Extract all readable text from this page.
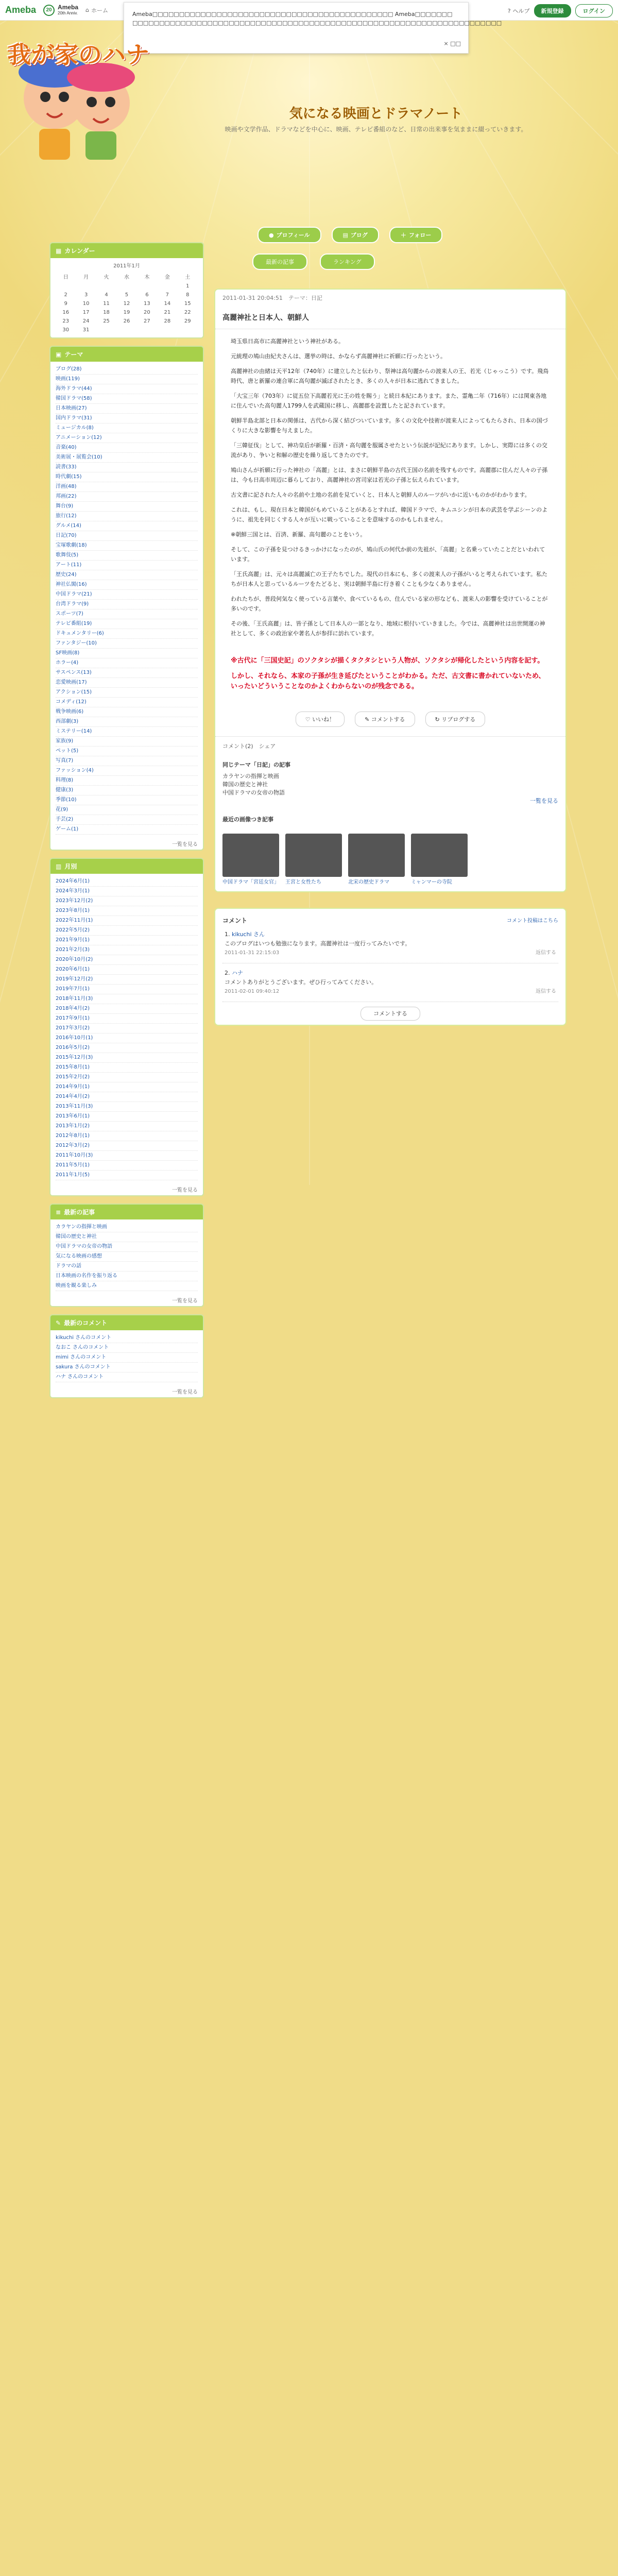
Ameba	20 Ameba
20th Anniv. ⌂ ホーム	? ヘルプ	新規登録	ログイン
Ameba□□□□□□□□□□□□□□□□□□□□□□□□□□□□□□□□□□□□□□□□□□□□□ Ameba□□□□□□□ □□□□□□□□□□□□□□□□□□□□□□□□□□□□□□□□□□□□□□□□□□□□□□□□□□□□□□□□□□□□□□□□□□□□□
× □□
我が家のハナ
気になる映画とドラマノート
映画や文学作品、ドラマなどを中心に、映画、テレビ番組のなど、日常の出来事を気ままに綴っていきます。
● プロフィール	▤ ブログ	＋ フォロー
最新の記事	ランキング
▦ カレンダー
2011年1月
日	月	火	水	木	金	土
						1
2	3	4	5	6	7	8
9	10	11	12	13	14	15
16	17	18	19	20	21	22
23	24	25	26	27	28	29
30	31					
▣ テーマ
ブログ(28)
映画(119)
海外ドラマ(44)
韓国ドラマ(58)
日本映画(27)
国内ドラマ(31)
ミュージカル(8)
アニメーション(12)
音楽(40)
美術展・展覧会(10)
読書(33)
時代劇(15)
洋画(48)
邦画(22)
舞台(9)
旅行(12)
グルメ(14)
日記(70)
宝塚歌劇(18)
歌舞伎(5)
アート(11)
歴史(24)
神社仏閣(16)
中国ドラマ(21)
台湾ドラマ(9)
スポーツ(7)
テレビ番組(19)
ドキュメンタリー(6)
ファンタジー(10)
SF映画(8)
ホラー(4)
サスペンス(13)
恋愛映画(17)
アクション(15)
コメディ(12)
戦争映画(6)
西部劇(3)
ミステリー(14)
家族(9)
ペット(5)
写真(7)
ファッション(4)
料理(8)
健康(3)
季節(10)
花(9)
手芸(2)
ゲーム(1)
一覧を見る
▥ 月別
2024年6月(1)
2024年3月(1)
2023年12月(2)
2023年8月(1)
2022年11月(1)
2022年5月(2)
2021年9月(1)
2021年2月(3)
2020年10月(2)
2020年6月(1)
2019年12月(2)
2019年7月(1)
2018年11月(3)
2018年4月(2)
2017年9月(1)
2017年3月(2)
2016年10月(1)
2016年5月(2)
2015年12月(3)
2015年8月(1)
2015年2月(2)
2014年9月(1)
2014年4月(2)
2013年11月(3)
2013年6月(1)
2013年1月(2)
2012年8月(1)
2012年3月(2)
2011年10月(3)
2011年5月(1)
2011年1月(5)
一覧を見る
≡ 最新の記事
カラヤンの指揮と映画
韓国の歴史と神社
中国ドラマの女帝の物語
気になる映画の感想
ドラマの話
日本映画の名作を振り返る
映画を観る楽しみ
一覧を見る
✎ 最新のコメント
kikuchi さんのコメント
なおこ さんのコメント
mimi さんのコメント
sakura さんのコメント
ハナ さんのコメント
一覧を見る
2011-01-31 20:04:51　 テーマ：日記
高麗神社と日本人、朝鮮人

埼玉県日高市に高麗神社という神社がある。

元統理の鳩山由紀夫さんは、選挙の時は、かならず高麗神社に祈願に行ったという。

高麗神社の由緒は天平12年（740年）に建立したと伝わり、祭神は高句麗からの渡来人の王、若光（じゃっこう）です。飛鳥時代、唐と新羅の連合軍に高句麗が滅ぼされたとき、多くの人々が日本に逃れてきました。

「大宝三年（703年）に従五位下高麗若光に王の姓を賜う」と続日本紀にあります。また、霊亀二年（716年）には関東各地に住んでいた高句麗人1799人を武蔵国に移し、高麗郡を設置したと記されています。

朝鮮半島北部と日本の関係は、古代から深く結びついています。多くの文化や技術が渡来人によってもたらされ、日本の国づくりに大きな影響を与えました。

「三韓征伐」として、神功皇后が新羅・百済・高句麗を服属させたという伝説が記紀にあります。しかし、実際には多くの交流があり、争いと和解の歴史を繰り返してきたのです。

鳩山さんが祈願に行った神社の「高麗」とは、まさに朝鮮半島の古代王国の名前を残すものです。高麗郡に住んだ人々の子孫は、今も日高市周辺に暮らしており、高麗神社の宮司家は若光の子孫と伝えられています。

古文書に記された人々の名前や土地の名前を見ていくと、日本人と朝鮮人のルーツがいかに近いものかがわかります。

これは、もし、現在日本と韓国がもめていることがあるとすれば、韓国ドラマで、キムユシンが日本の武芸を学ぶシーンのように、祖先を同じくする人々が互いに戦っていることを意味するのかもしれません。

※朝鮮三国とは、百済、新羅、高句麗のことをいう。

そして、この子孫を見つけるきっかけになったのが、鳩山氏の何代か前の先祖が、「高麗」と名乗っていたことだといわれています。

「王氏高麗」は、元々は高麗滅亡の王子たちでした。現代の日本にも、多くの渡来人の子孫がいると考えられています。私たちが日本人と思っているルーツをたどると、実は朝鮮半島に行き着くことも少なくありません。

われたちが、普段何気なく使っている言葉や、食べているもの、住んでいる家の形なども、渡来人の影響を受けていることが多いのです。

その後、「王氏高麗」は、皆子孫として日本人の一部となり、地域に根付いていきました。今では、高麗神社は出世開運の神社として、多くの政治家や著名人が参拝に訪れています。

※古代に「三国史記」のソクタシが描くタクタシという人物が、ソクタシが帰化したという内容を記す。

しかし、それなら、本家の子孫が生き延びたということがわかる。ただ、古文書に書かれていないため、いったいどういうことなのかよくわからないのが残念である。

♡ いいね！	✎ コメントする	↻ リブログする
コメント(2)　 シェア
同じテーマ「日記」の記事
カラヤンの指揮と映画
韓国の歴史と神社
中国ドラマの女帝の物語
一覧を見る
最近の画像つき記事
中国ドラマ「宮廷女官」 王宮と女性たち	北宋の歴史ドラマ	ミャンマーの寺院
コメント	コメント投稿はこちら
1. kikuchi さん
このブログはいつも勉強になります。高麗神社は一度行ってみたいです。
2011-01-31 22:15:03	返信する
2. ハナ
コメントありがとうございます。ぜひ行ってみてください。
2011-02-01 09:40:12	返信する
コメントする
